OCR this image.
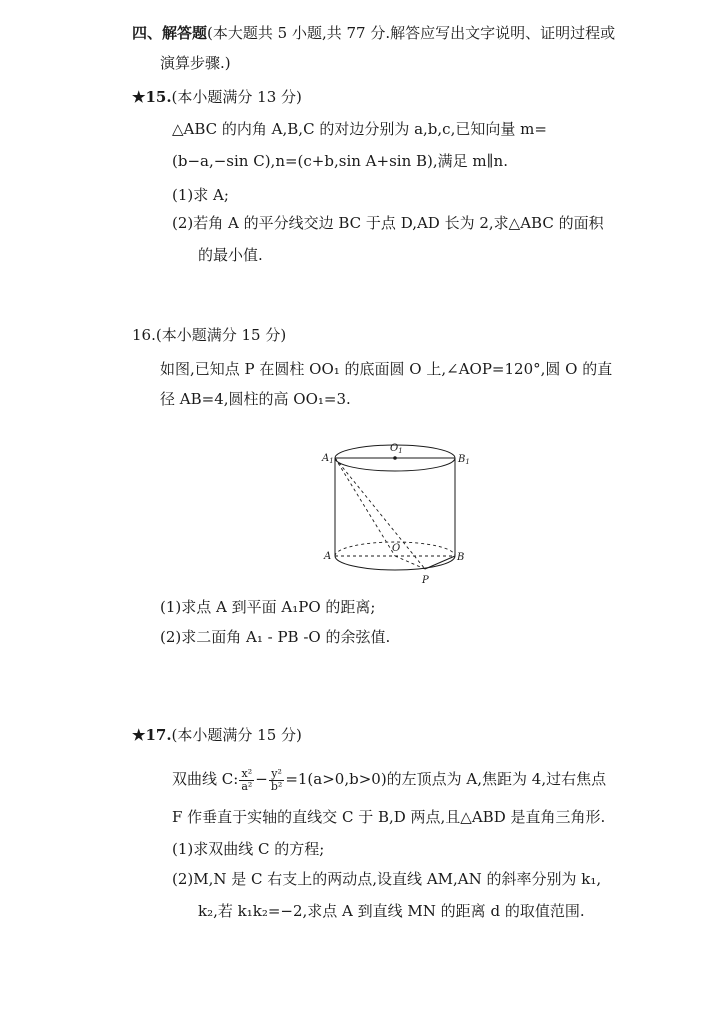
四、解答题(本大题共 5 小题,共 77 分.解答应写出文字说明、证明过程或
演算步骤.)
★15.(本小题满分 13 分)
△ABC 的内角 A,B,C 的对边分别为 a,b,c,已知向量 m=
(b−a,−sin C),n=(c+b,sin A+sin B),满足 m∥n.
(1)求 A;
(2)若角 A 的平分线交边 BC 于点 D,AD 长为 2,求△ABC 的面积
的最小值.
16.(本小题满分 15 分)
如图,已知点 P 在圆柱 OO₁ 的底面圆 O 上,∠AOP=120°,圆 O 的直
径 AB=4,圆柱的高 OO₁=3.
$A_1$	$B_1$
$O_1$
A	B
O
P
(1)求点 A 到平面 A₁PO 的距离;
(2)求二面角 A₁ - PB -O 的余弦值.
★17.(本小题满分 15 分)
双曲线 C: $\frac{\text{x²}}{\text{a²}} - \frac{\text{y²}}{\text{b²}} =1(a>0,b>0)$的左顶点为 A,焦距为 4,过右焦点
F 作垂直于实轴的直线交 C 于 B,D 两点,且△ABD 是直角三角形.
(1)求双曲线 C 的方程;
(2)M,N 是 C 右支上的两动点,设直线 AM,AN 的斜率分别为 k₁,
k₂,若 k₁k₂=−2,求点 A 到直线 MN 的距离 d 的取值范围.
